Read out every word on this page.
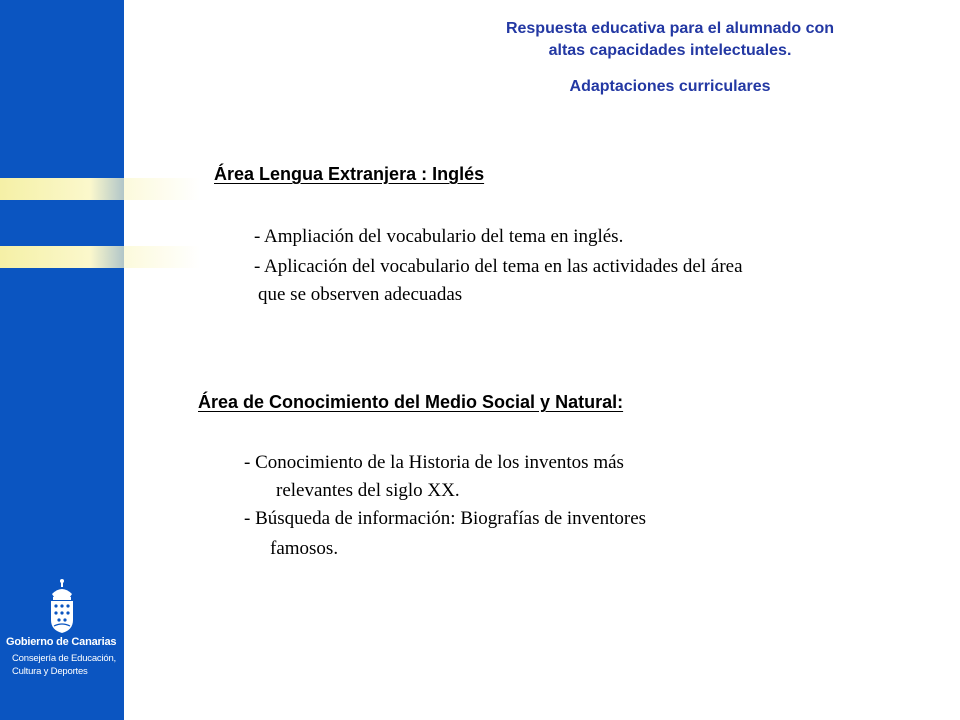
Gobierno de Canarias
Consejería de Educación,
Cultura y Deportes
Respuesta educativa para el alumnado con
altas capacidades intelectuales.
Adaptaciones curriculares
Área Lengua Extranjera : Inglés
- Ampliación del vocabulario del tema en inglés.
- Aplicación del vocabulario del tema en las actividades del área
que se observen adecuadas
Área de Conocimiento del Medio Social y Natural:
- Conocimiento de la Historia de los inventos más
relevantes del siglo XX.
- Búsqueda de información: Biografías de inventores
famosos.
